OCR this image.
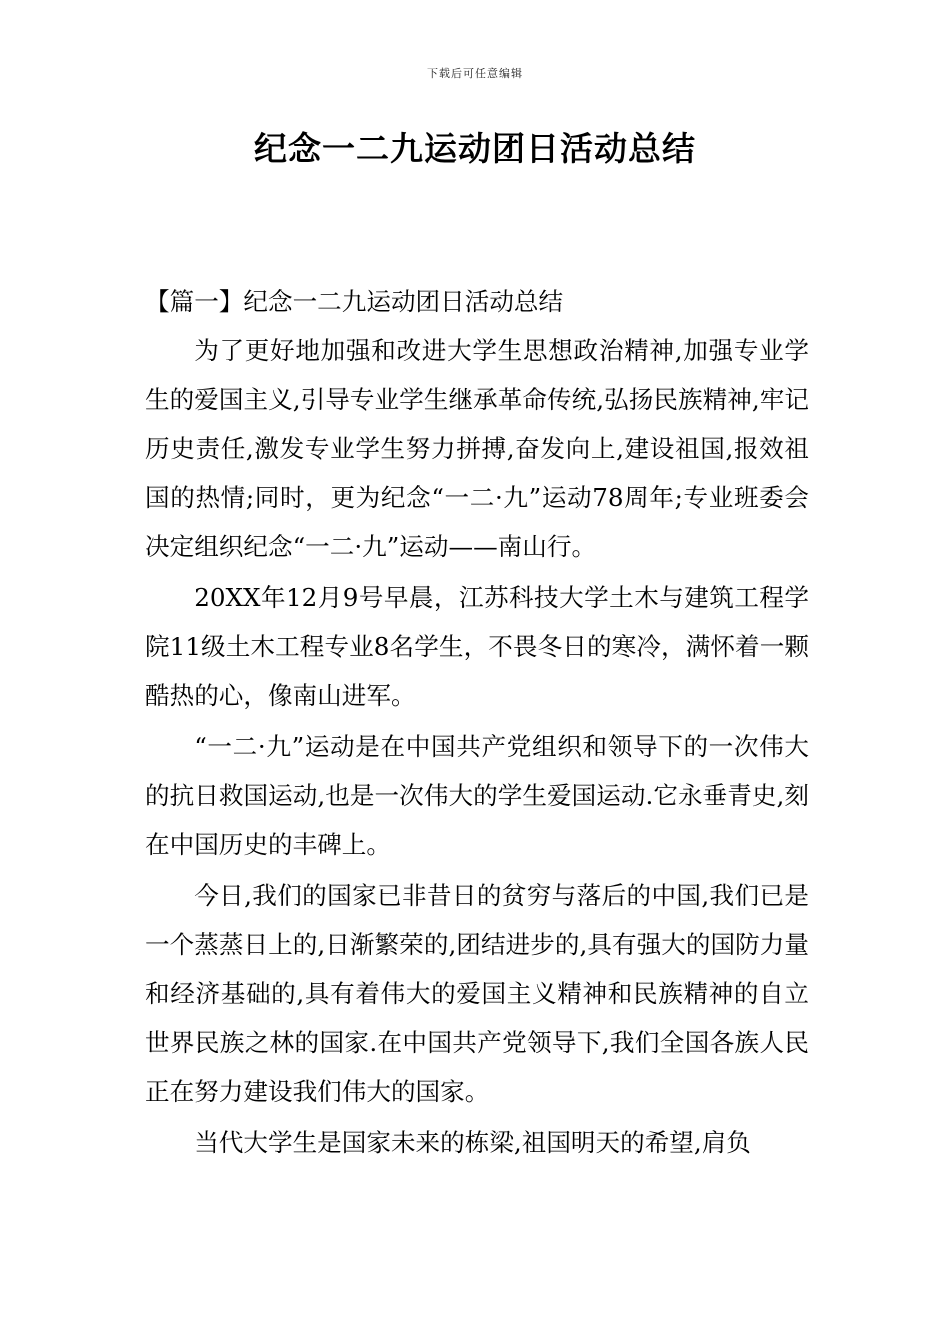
下载后可任意编辑
纪念一二九运动团日活动总结
【篇一】纪念一二九运动团日活动总结

为了更好地加强和改进大学生思想政治精神,加强专业学生的爱国主义,引导专业学生继承革命传统,弘扬民族精神,牢记历史责任,激发专业学生努力拼搏,奋发向上,建设祖国,报效祖国的热情;同时，更为纪念“一二·九”运动78周年;专业班委会决定组织纪念“一二·九”运动——南山行。

20XX年12月9号早晨，江苏科技大学土木与建筑工程学院11级土木工程专业8名学生，不畏冬日的寒冷，满怀着一颗酷热的心，像南山进军。

“一二·九”运动是在中国共产党组织和领导下的一次伟大的抗日救国运动,也是一次伟大的学生爱国运动.它永垂青史,刻在中国历史的丰碑上。

今日,我们的国家已非昔日的贫穷与落后的中国,我们已是一个蒸蒸日上的,日渐繁荣的,团结进步的,具有强大的国防力量和经济基础的,具有着伟大的爱国主义精神和民族精神的自立世界民族之林的国家.在中国共产党领导下,我们全国各族人民正在努力建设我们伟大的国家。

当代大学生是国家未来的栋梁,祖国明天的希望,肩负
